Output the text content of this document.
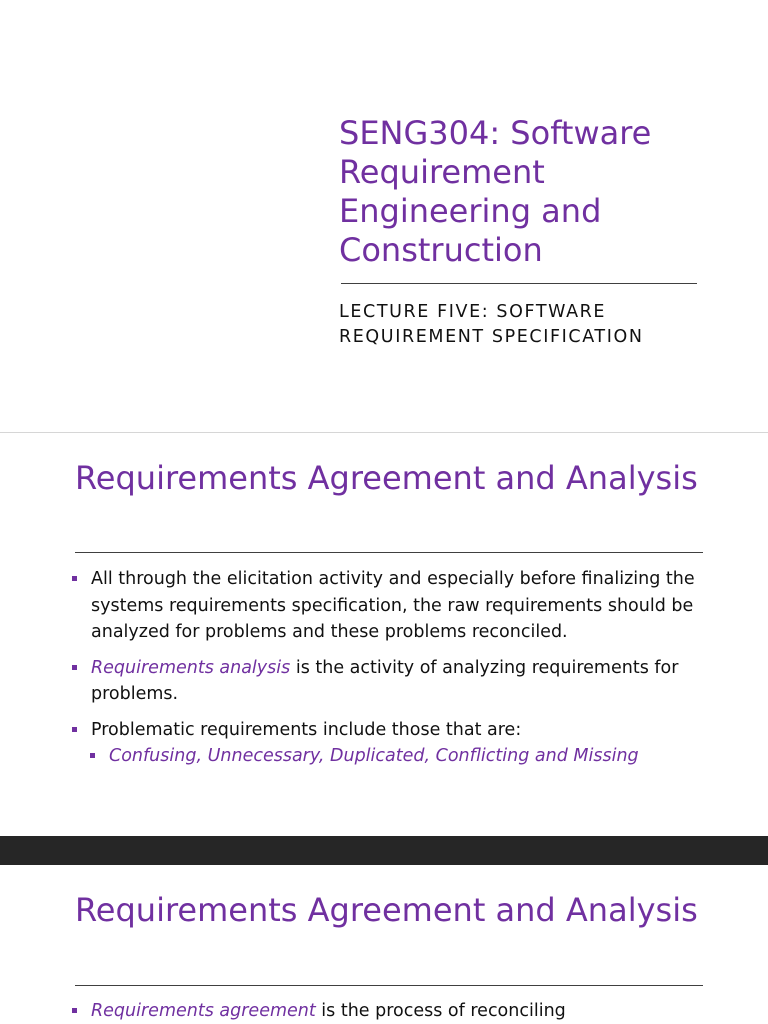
SENG304: Software Requirement Engineering and Construction

LECTURE FIVE: SOFTWARE REQUIREMENT SPECIFICATION

Requirements Agreement and Analysis
All through the elicitation activity and especially before finalizing the systems requirements specification, the raw requirements should be analyzed for problems and these problems reconciled.
Requirements analysis is the activity of analyzing requirements for problems.
Problematic requirements include those that are:
Confusing, Unnecessary, Duplicated, Conflicting and Missing
Requirements Agreement and Analysis
Requirements agreement is the process of reconciling
